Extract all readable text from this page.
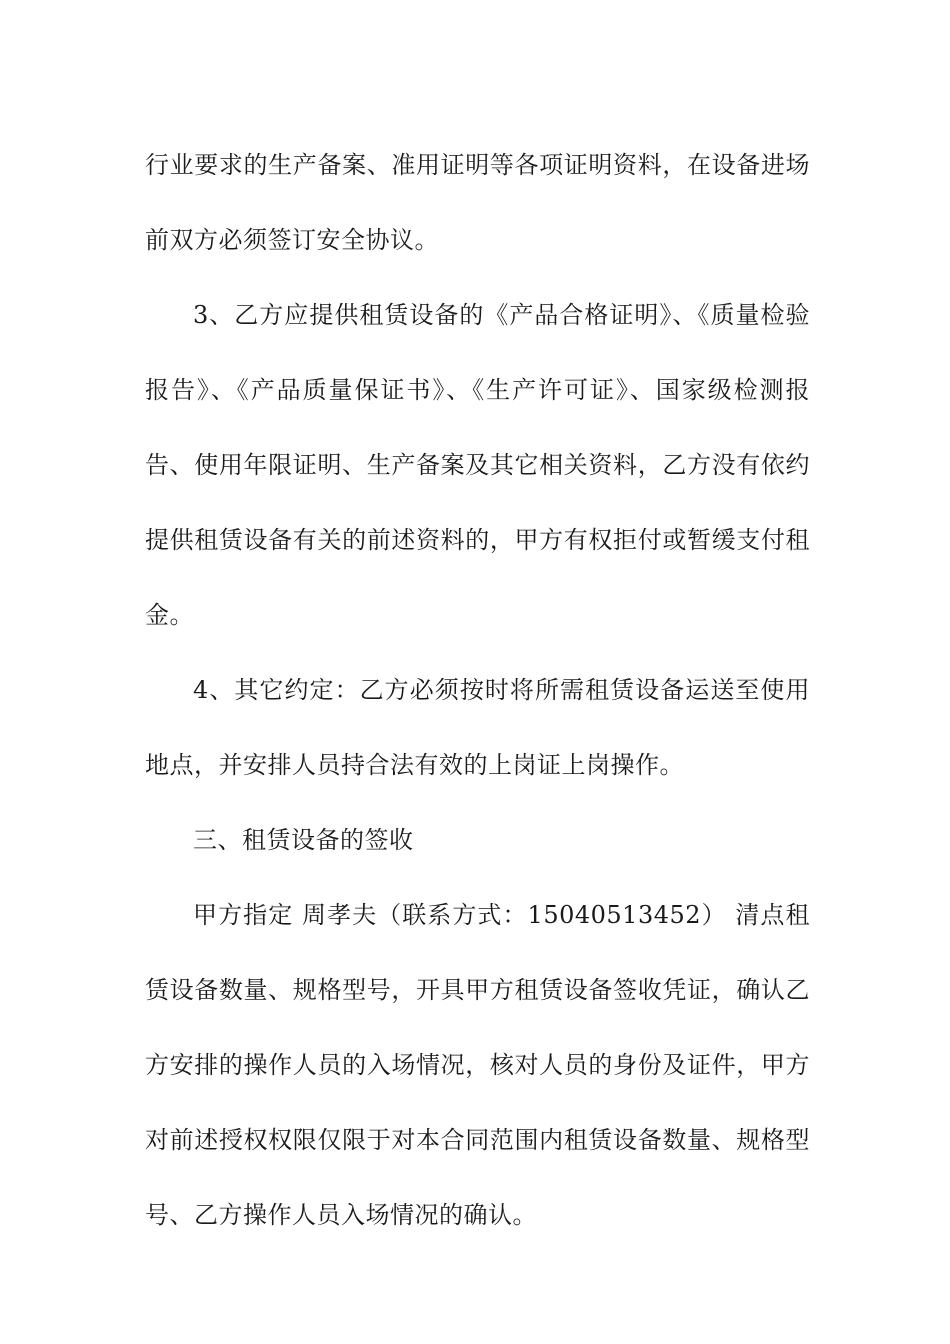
行业要求的生产备案、准用证明等各项证明资料，在设备进场前双方必须签订安全协议。

3、乙方应提供租赁设备的《产品合格证明》、《质量检验报告》、《产品质量保证书》、《生产许可证》、国家级检测报告、使用年限证明、生产备案及其它相关资料，乙方没有依约提供租赁设备有关的前述资料的，甲方有权拒付或暂缓支付租金。

4、其它约定：乙方必须按时将所需租赁设备运送至使用地点，并安排人员持合法有效的上岗证上岗操作。

三、租赁设备的签收

甲方指定 周孝夫（联系方式：15040513452） 清点租赁设备数量、规格型号，开具甲方租赁设备签收凭证，确认乙方安排的操作人员的入场情况，核对人员的身份及证件，甲方对前述授权权限仅限于对本合同范围内租赁设备数量、规格型号、乙方操作人员入场情况的确认。
